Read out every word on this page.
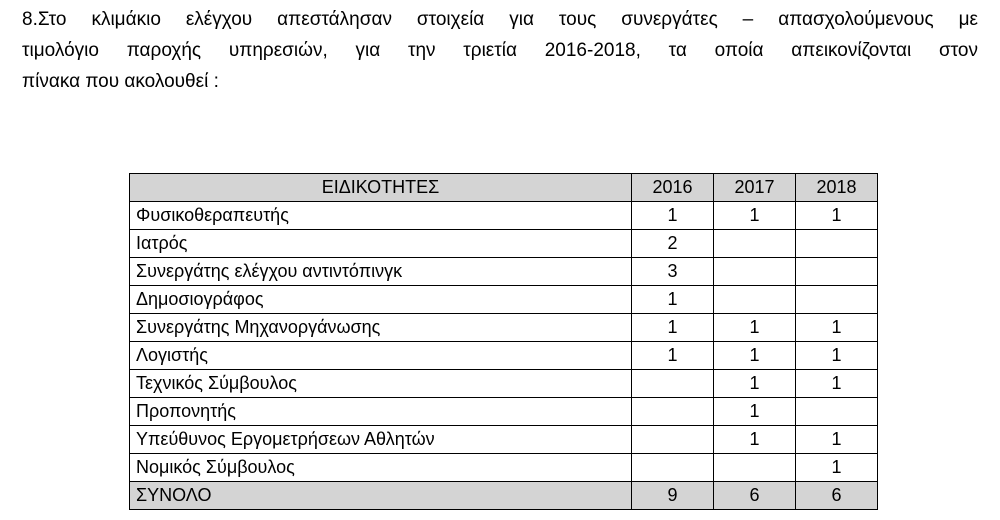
8.Στο κλιμάκιο ελέγχου απεστάλησαν στοιχεία για τους συνεργάτες – απασχολούμενους με
τιμολόγιο παροχής υπηρεσιών, για την τριετία 2016-2018, τα οποία απεικονίζονται στον
πίνακα που ακολουθεί :
ΕΙΔΙΚΟΤΗΤΕΣ	2016	2017	2018
Φυσικοθεραπευτής	1	1	1
Ιατρός	2		
Συνεργάτης ελέγχου αντιντόπινγκ	3		
Δημοσιογράφος	1		
Συνεργάτης Μηχανοργάνωσης	1	1	1
Λογιστής	1	1	1
Τεχνικός Σύμβουλος		1	1
Προπονητής		1	
Υπεύθυνος Εργομετρήσεων Αθλητών		1	1
Νομικός Σύμβουλος			1
ΣΥΝΟΛΟ	9	6	6
